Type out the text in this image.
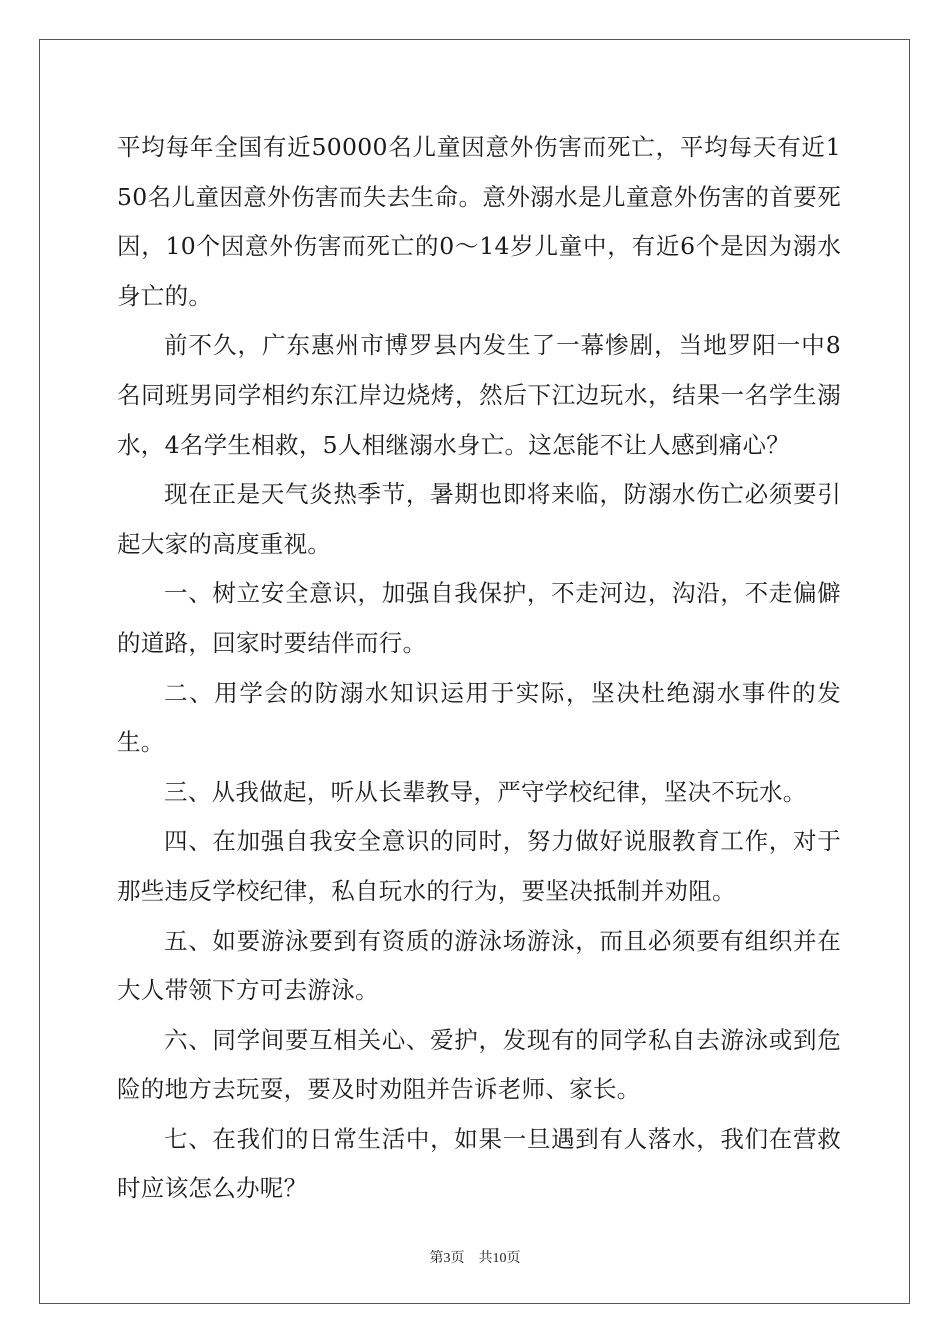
平均每年全国有近50000名儿童因意外伤害而死亡，平均每天有近150名儿童因意外伤害而失去生命。意外溺水是儿童意外伤害的首要死因，10个因意外伤害而死亡的0～14岁儿童中，有近6个是因为溺水身亡的。

前不久，广东惠州市博罗县内发生了一幕惨剧，当地罗阳一中8名同班男同学相约东江岸边烧烤，然后下江边玩水，结果一名学生溺水，4名学生相救，5人相继溺水身亡。这怎能不让人感到痛心？

现在正是天气炎热季节，暑期也即将来临，防溺水伤亡必须要引起大家的高度重视。

一、树立安全意识，加强自我保护，不走河边，沟沿，不走偏僻的道路，回家时要结伴而行。

二、用学会的防溺水知识运用于实际，坚决杜绝溺水事件的发生。

三、从我做起，听从长辈教导，严守学校纪律，坚决不玩水。

四、在加强自我安全意识的同时，努力做好说服教育工作，对于那些违反学校纪律，私自玩水的行为，要坚决抵制并劝阻。

五、如要游泳要到有资质的游泳场游泳，而且必须要有组织并在大人带领下方可去游泳。

六、同学间要互相关心、爱护，发现有的同学私自去游泳或到危险的地方去玩耍，要及时劝阻并告诉老师、家长。

七、在我们的日常生活中，如果一旦遇到有人落水，我们在营救时应该怎么办呢？

第3页 共10页
